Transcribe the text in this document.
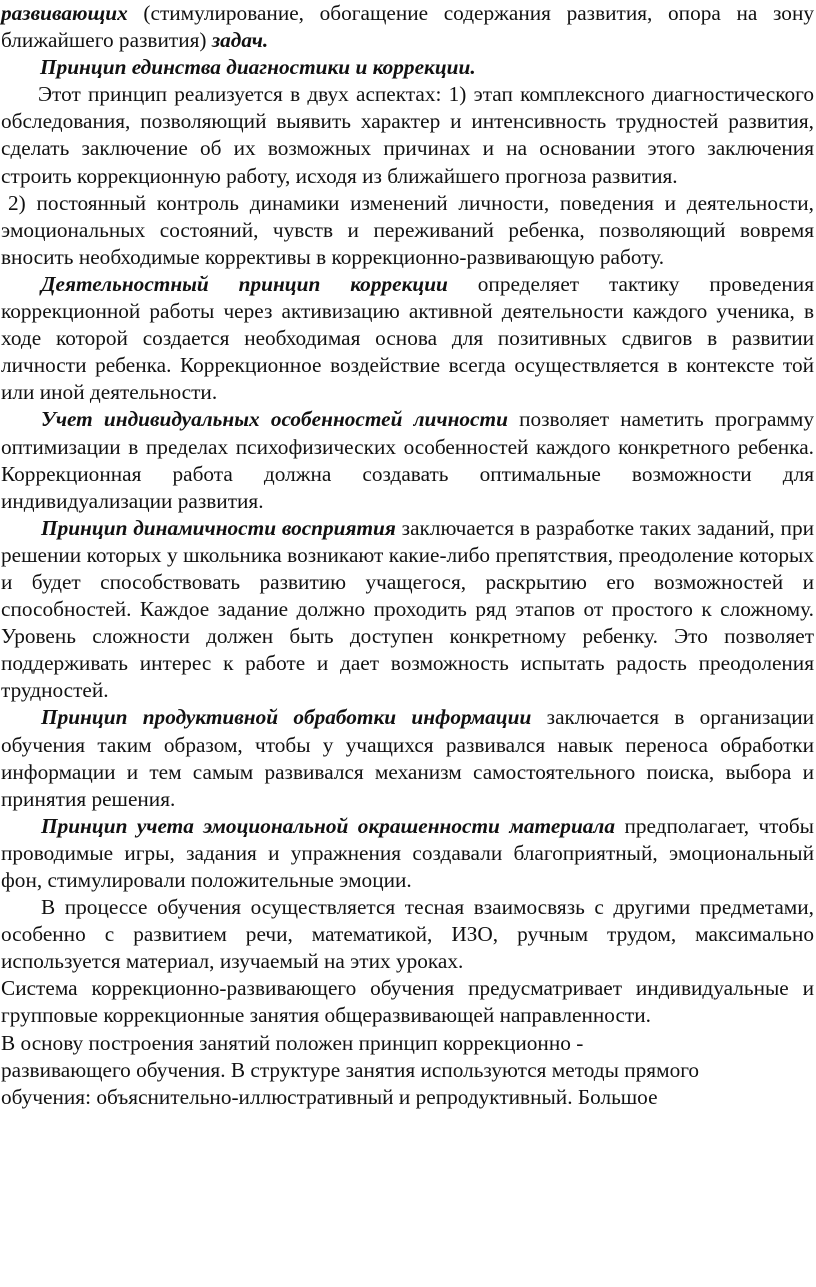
развивающих (стимулирование, обогащение содержания развития, опора на зону ближайшего развития) задач.

Принцип единства диагностики и коррекции.

Этот принцип реализуется в двух аспектах: 1) этап комплексного диагностического обследования, позволяющий выявить характер и интенсивность трудностей развития, сделать заключение об их возможных причинах и на основании этого заключения строить коррекционную работу, исходя из ближайшего прогноза развития.

2) постоянный контроль динамики изменений личности, поведения и деятельности, эмоциональных состояний, чувств и переживаний ребенка, позволяющий вовремя вносить необходимые коррективы в коррекционно-развивающую работу.

Деятельностный принцип коррекции определяет тактику проведения коррекционной работы через активизацию активной деятельности каждого ученика, в ходе которой создается необходимая основа для позитивных сдвигов в развитии личности ребенка. Коррекционное воздействие всегда осуществляется в контексте той или иной деятельности.

Учет индивидуальных особенностей личности позволяет наметить программу оптимизации в пределах психофизических особенностей каждого конкретного ребенка. Коррекционная работа должна создавать оптимальные возможности для индивидуализации развития.

Принцип динамичности восприятия заключается в разработке таких заданий, при решении которых у школьника возникают какие-либо препятствия, преодоление которых и будет способствовать развитию учащегося, раскрытию его возможностей и способностей. Каждое задание должно проходить ряд этапов от простого к сложному. Уровень сложности должен быть доступен конкретному ребенку. Это позволяет поддерживать интерес к работе и дает возможность испытать радость преодоления трудностей.

Принцип продуктивной обработки информации заключается в организации обучения таким образом, чтобы у учащихся развивался навык переноса обработки информации и тем самым развивался механизм самостоятельного поиска, выбора и принятия решения.

Принцип учета эмоциональной окрашенности материала предполагает, чтобы проводимые игры, задания и упражнения создавали благоприятный, эмоциональный фон, стимулировали положительные эмоции.

В процессе обучения осуществляется тесная взаимосвязь с другими предметами, особенно с развитием речи, математикой, ИЗО, ручным трудом, максимально используется материал, изучаемый на этих уроках.

Система коррекционно-развивающего обучения предусматривает индивидуальные и групповые коррекционные занятия общеразвивающей направленности.

В основу построения занятий положен принцип коррекционно -
развивающего обучения. В структуре занятия используются методы прямого
обучения: объяснительно-иллюстративный и репродуктивный. Большое
